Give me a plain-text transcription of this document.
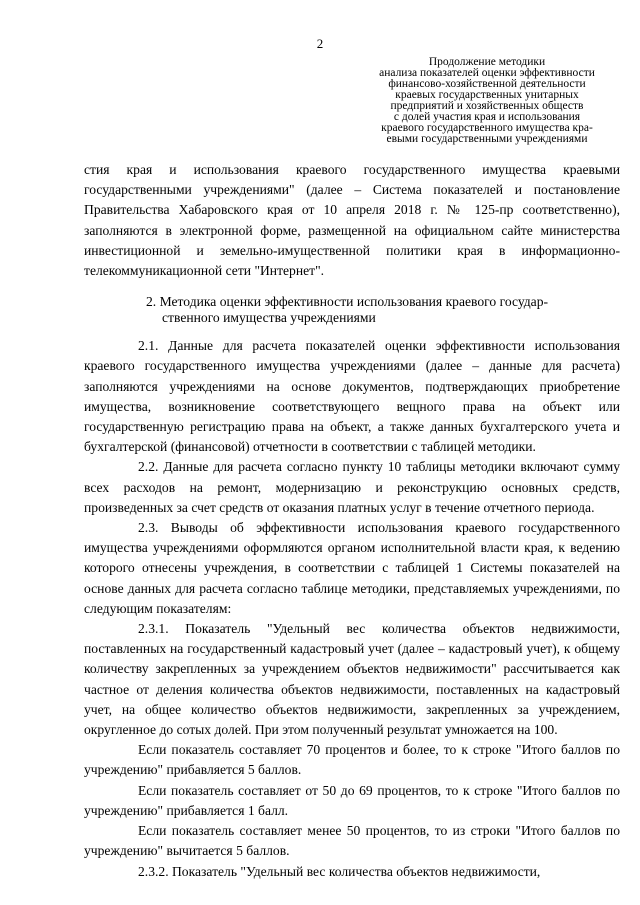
2
Продолжение методики
анализа показателей оценки эффективности
финансово-хозяйственной деятельности
краевых государственных унитарных
предприятий и хозяйственных обществ
с долей участия края и использования
краевого государственного имущества кра-
евыми государственными учреждениями

стия края и использования краевого государственного имущества краевыми государственными учреждениями" (далее – Система показателей и постановление Правительства Хабаровского края от 10 апреля 2018 г. № 125-пр соответственно), заполняются в электронной форме, размещенной на официальном сайте министерства инвестиционной и земельно-имущественной политики края в информационно-телекоммуникационной сети "Интернет".

2. Методика оценки эффективности использования краевого государ-
ственного имущества учреждениями

2.1. Данные для расчета показателей оценки эффективности использования краевого государственного имущества учреждениями (далее – данные для расчета) заполняются учреждениями на основе документов, подтверждающих приобретение имущества, возникновение соответствующего вещного права на объект или государственную регистрацию права на объект, а также данных бухгалтерского учета и бухгалтерской (финансовой) отчетности в соответствии с таблицей методики.

2.2. Данные для расчета согласно пункту 10 таблицы методики включают сумму всех расходов на ремонт, модернизацию и реконструкцию основных средств, произведенных за счет средств от оказания платных услуг в течение отчетного периода.

2.3. Выводы об эффективности использования краевого государственного имущества учреждениями оформляются органом исполнительной власти края, к ведению которого отнесены учреждения, в соответствии с таблицей 1 Системы показателей на основе данных для расчета согласно таблице методики, представляемых учреждениями, по следующим показателям:

2.3.1. Показатель "Удельный вес количества объектов недвижимости, поставленных на государственный кадастровый учет (далее – кадастровый учет), к общему количеству закрепленных за учреждением объектов недвижимости" рассчитывается как частное от деления количества объектов недвижимости, поставленных на кадастровый учет, на общее количество объектов недвижимости, закрепленных за учреждением, округленное до сотых долей. При этом полученный результат умножается на 100.

Если показатель составляет 70 процентов и более, то к строке "Итого баллов по учреждению" прибавляется 5 баллов.

Если показатель составляет от 50 до 69 процентов, то к строке "Итого баллов по учреждению" прибавляется 1 балл.

Если показатель составляет менее 50 процентов, то из строки "Итого баллов по учреждению" вычитается 5 баллов.

2.3.2. Показатель "Удельный вес количества объектов недвижимости,
